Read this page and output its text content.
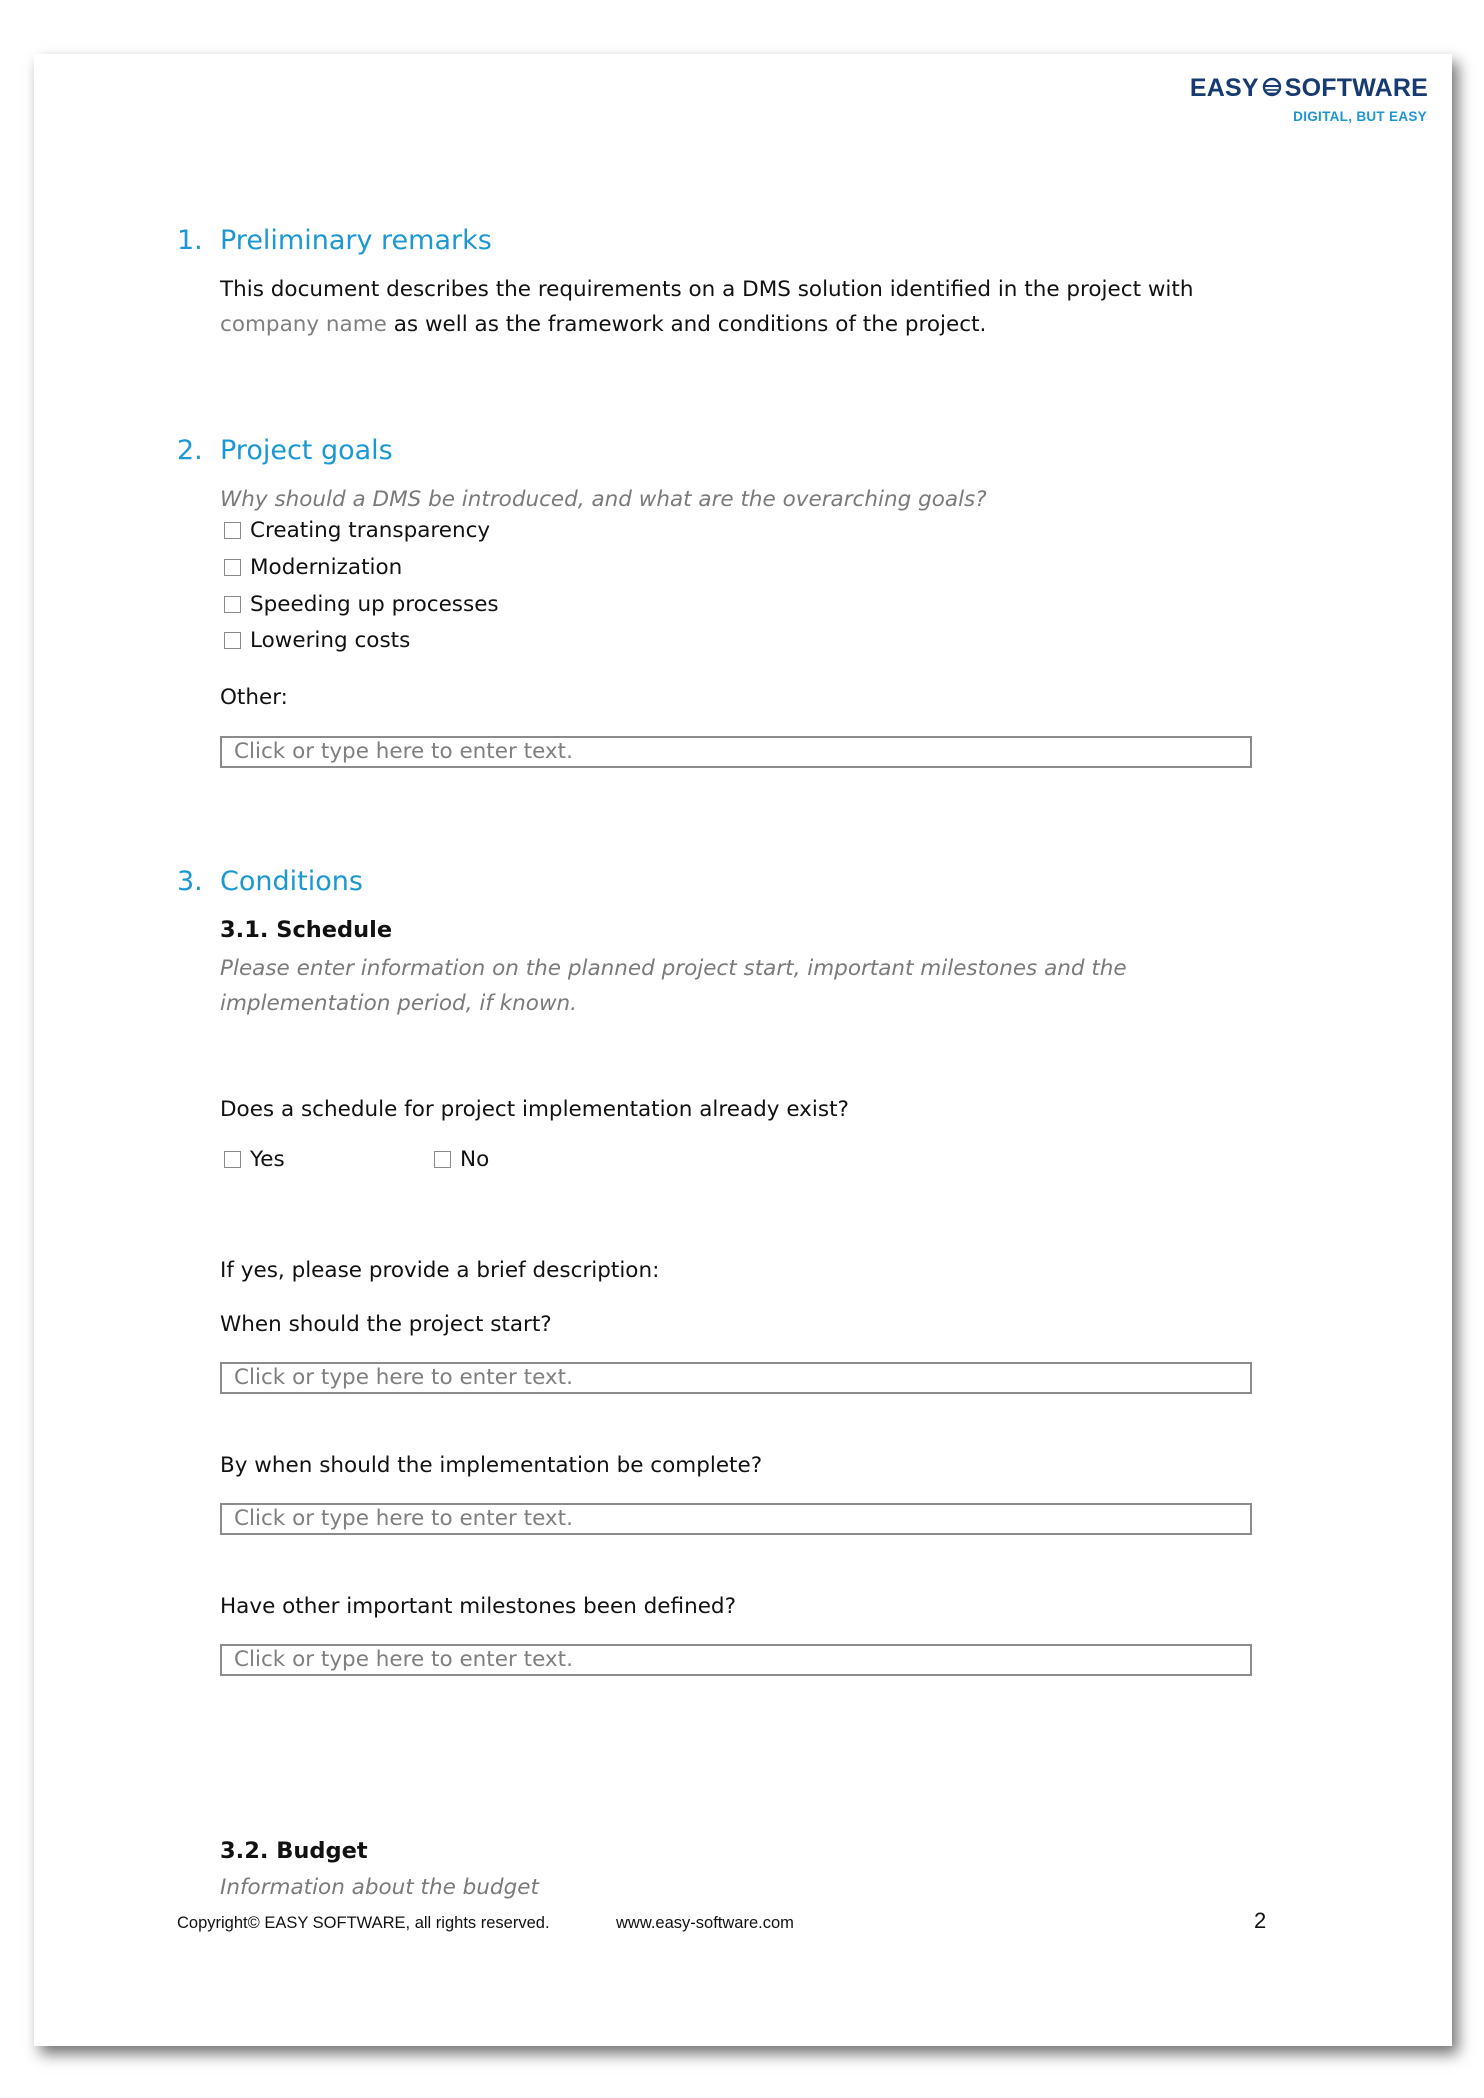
EASY SOFTWARE
DIGITAL, BUT EASY
1. Preliminary remarks
This document describes the requirements on a DMS solution identified in the project with
company name as well as the framework and conditions of the project.
2. Project goals
Why should a DMS be introduced, and what are the overarching goals?
Creating transparency
Modernization
Speeding up processes
Lowering costs
Other:
Click or type here to enter text.
3. Conditions
3.1. Schedule
Please enter information on the planned project start, important milestones and the
implementation period, if known.
Does a schedule for project implementation already exist?
Yes	No
If yes, please provide a brief description:
When should the project start?
Click or type here to enter text.
By when should the implementation be complete?
Click or type here to enter text.
Have other important milestones been defined?
Click or type here to enter text.
3.2. Budget
Information about the budget
Copyright© EASY SOFTWARE, all rights reserved.	www.easy-software.com	2
